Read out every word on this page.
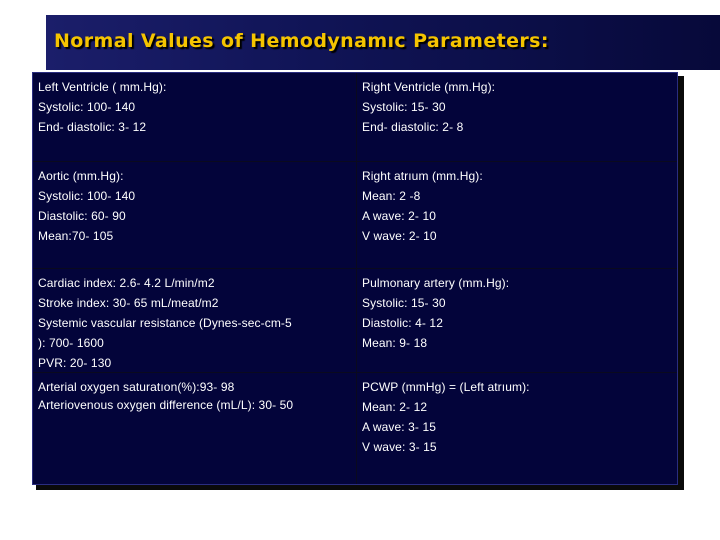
Normal Values of Hemodynamıc Parameters:
Left Ventricle ( mm.Hg):
Systolic: 100- 140
End- diastolic: 3- 12
Right Ventricle (mm.Hg):
Systolic: 15- 30
End- diastolic: 2- 8
Aortic (mm.Hg):
Systolic: 100- 140
Diastolic: 60- 90
Mean:70- 105
Right atrıum (mm.Hg):
Mean: 2 -8
A wave: 2- 10
V wave: 2- 10
Cardiac index: 2.6- 4.2 L/min/m2
Stroke index: 30- 65 mL/meat/m2
Systemic vascular resistance (Dynes-sec-cm-5
): 700- 1600
PVR: 20- 130
Pulmonary artery (mm.Hg):
Systolic: 15- 30
Diastolic: 4- 12
Mean: 9- 18
Arterial oxygen saturatıon(%):93- 98
Arteriovenous oxygen difference (mL/L): 30- 50
PCWP (mmHg) = (Left atrıum):
Mean: 2- 12
A wave: 3- 15
V wave: 3- 15
